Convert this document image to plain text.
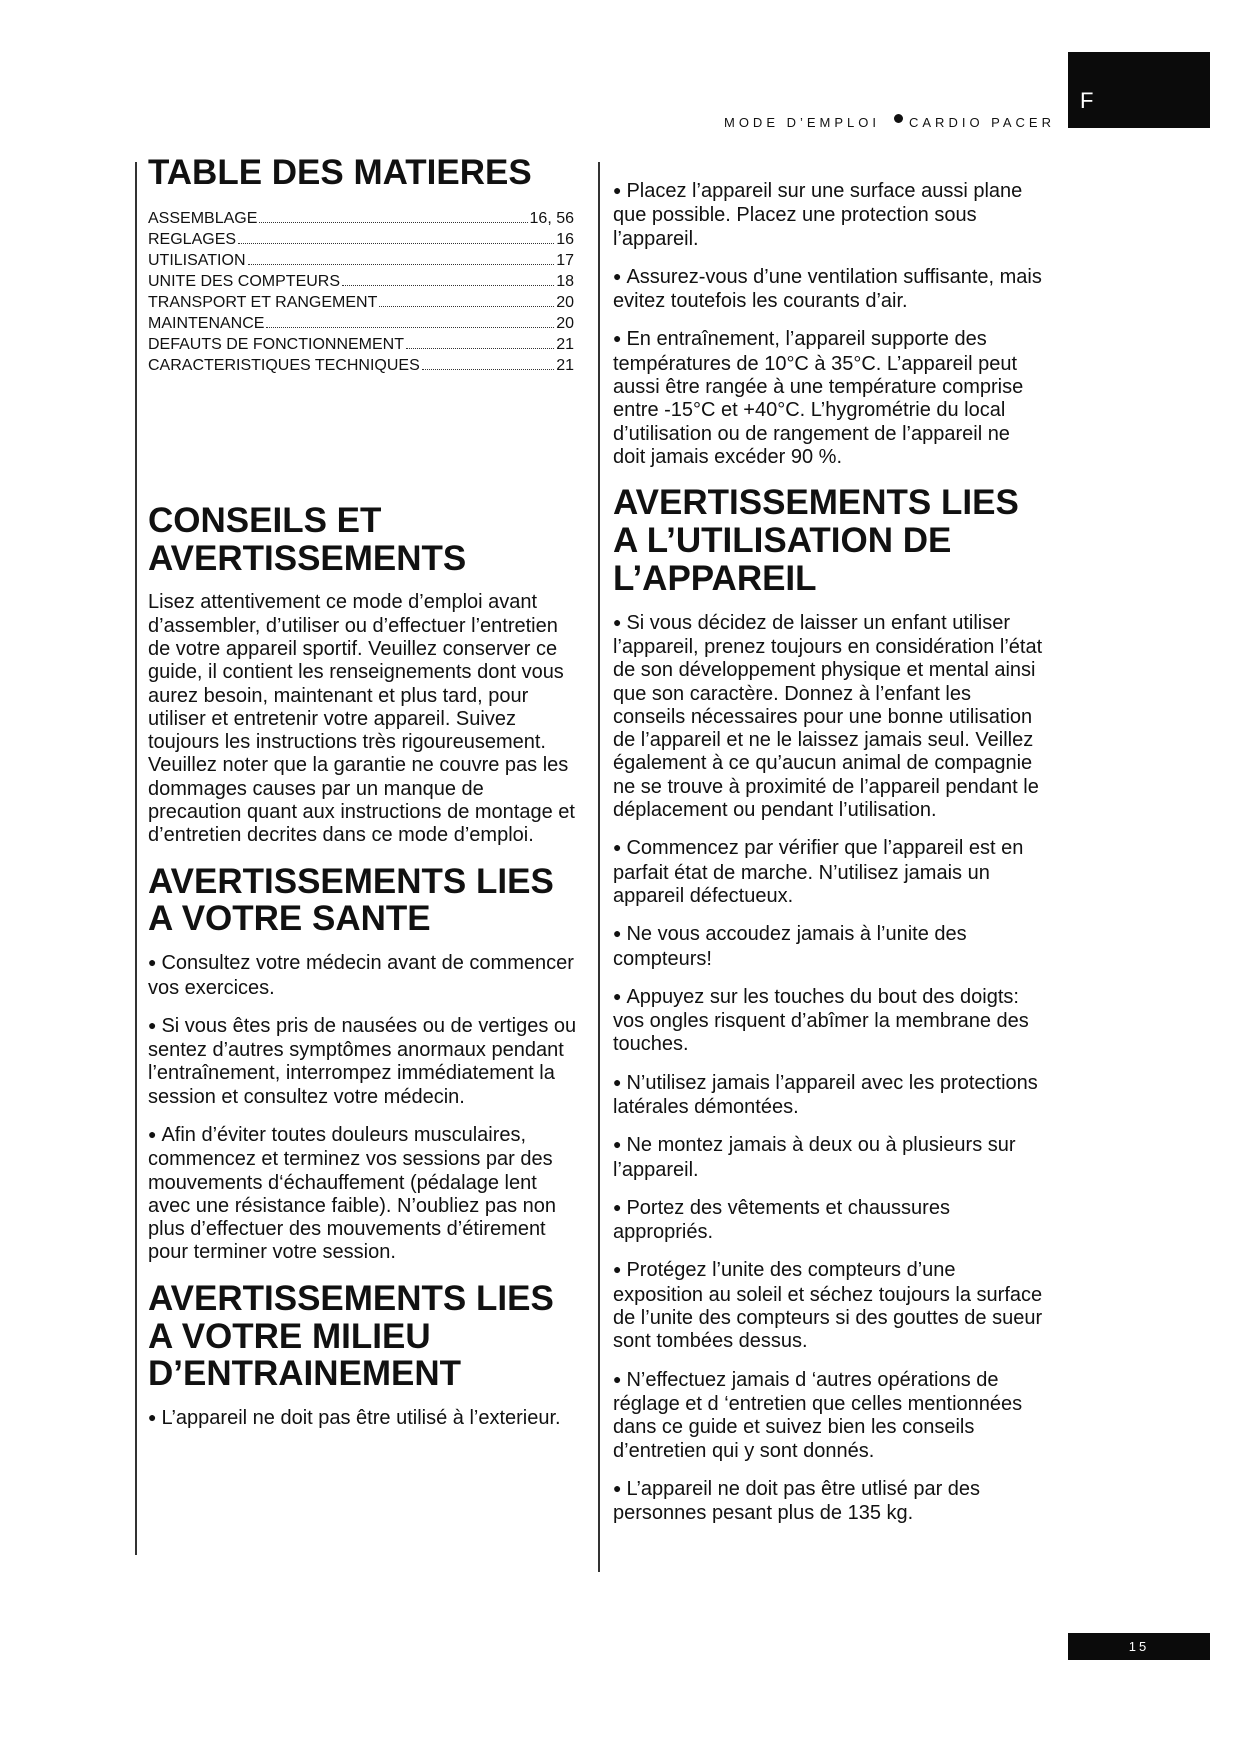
F
MODE D’EMPLOI CARDIO PACER
TABLE DES MATIERES
ASSEMBLAGE	16, 56
REGLAGES	16
UTILISATION	17
UNITE DES COMPTEURS	18
TRANSPORT ET RANGEMENT	20
MAINTENANCE	20
DEFAUTS DE FONCTIONNEMENT	21
CARACTERISTIQUES TECHNIQUES	21
CONSEILS ET AVERTISSEMENTS

Lisez attentivement ce mode d’emploi avant d’assembler, d’utiliser ou d’effectuer l’entretien de votre appareil sportif. Veuillez conserver ce guide, il contient les renseignements dont vous aurez besoin, maintenant et plus tard, pour utiliser et entretenir votre appareil. Suivez toujours les instructions très rigoureusement. Veuillez noter que la garantie ne couvre pas les dommages causes par un manque de precaution quant aux instructions de montage et d’entretien decrites dans ce mode d’emploi.

AVERTISSEMENTS LIES A VOTRE SANTE

● Consultez votre médecin avant de commencer vos exercices.

● Si vous êtes pris de nausées ou de vertiges ou sentez d’autres symptômes anormaux pendant l’entraînement, interrompez immédiatement la session et consultez votre médecin.

● Afin d’éviter toutes douleurs musculaires, commencez et terminez vos sessions par des mouvements d‘échauffement (pédalage lent avec une résistance faible). N’oubliez pas non plus d’effectuer des mouvements d’étirement pour terminer votre session.

AVERTISSEMENTS LIES A VOTRE MILIEU D’ENTRAINEMENT

● L’appareil ne doit pas être utilisé à l’exterieur.

● Placez l’appareil sur une surface aussi plane que possible. Placez une protection sous l’appareil.

● Assurez-vous d’une ventilation suffisante, mais evitez toutefois les courants d’air.

● En entraînement, l’appareil supporte des températures de 10°C à 35°C. L’appareil peut aussi être rangée à une température comprise entre -15°C et +40°C. L’hygrométrie du local d’utilisation ou de rangement de l’appareil ne doit jamais excéder 90 %.

AVERTISSEMENTS LIES A L’UTILISATION DE L’APPAREIL

● Si vous décidez de laisser un enfant utiliser l’appareil, prenez toujours en considération l’état de son développement physique et mental ainsi que son caractère. Donnez à l’enfant les conseils nécessaires pour une bonne utilisation de l’appareil et ne le laissez jamais seul. Veillez également à ce qu’aucun animal de compagnie ne se trouve à proximité de l’appareil pendant le déplacement ou pendant l’utilisation.

● Commencez par vérifier que l’appareil est en parfait état de marche. N’utilisez jamais un appareil défectueux.

● Ne vous accoudez jamais à l’unite des compteurs!

● Appuyez sur les touches du bout des doigts: vos ongles risquent d’abîmer la membrane des touches.

● N’utilisez jamais l’appareil avec les protections latérales démontées.

● Ne montez jamais à deux ou à plusieurs sur l’appareil.

● Portez des vêtements et chaussures appropriés.

● Protégez l’unite des compteurs d’une exposition au soleil et séchez toujours la surface de l’unite des compteurs si des gouttes de sueur sont tombées dessus.

● N’effectuez jamais d ‘autres opérations de réglage et d ‘entretien que celles mentionnées dans ce guide et suivez bien les conseils d’entretien qui y sont donnés.

● L’appareil ne doit pas être utlisé par des personnes pesant plus de 135 kg.

15
